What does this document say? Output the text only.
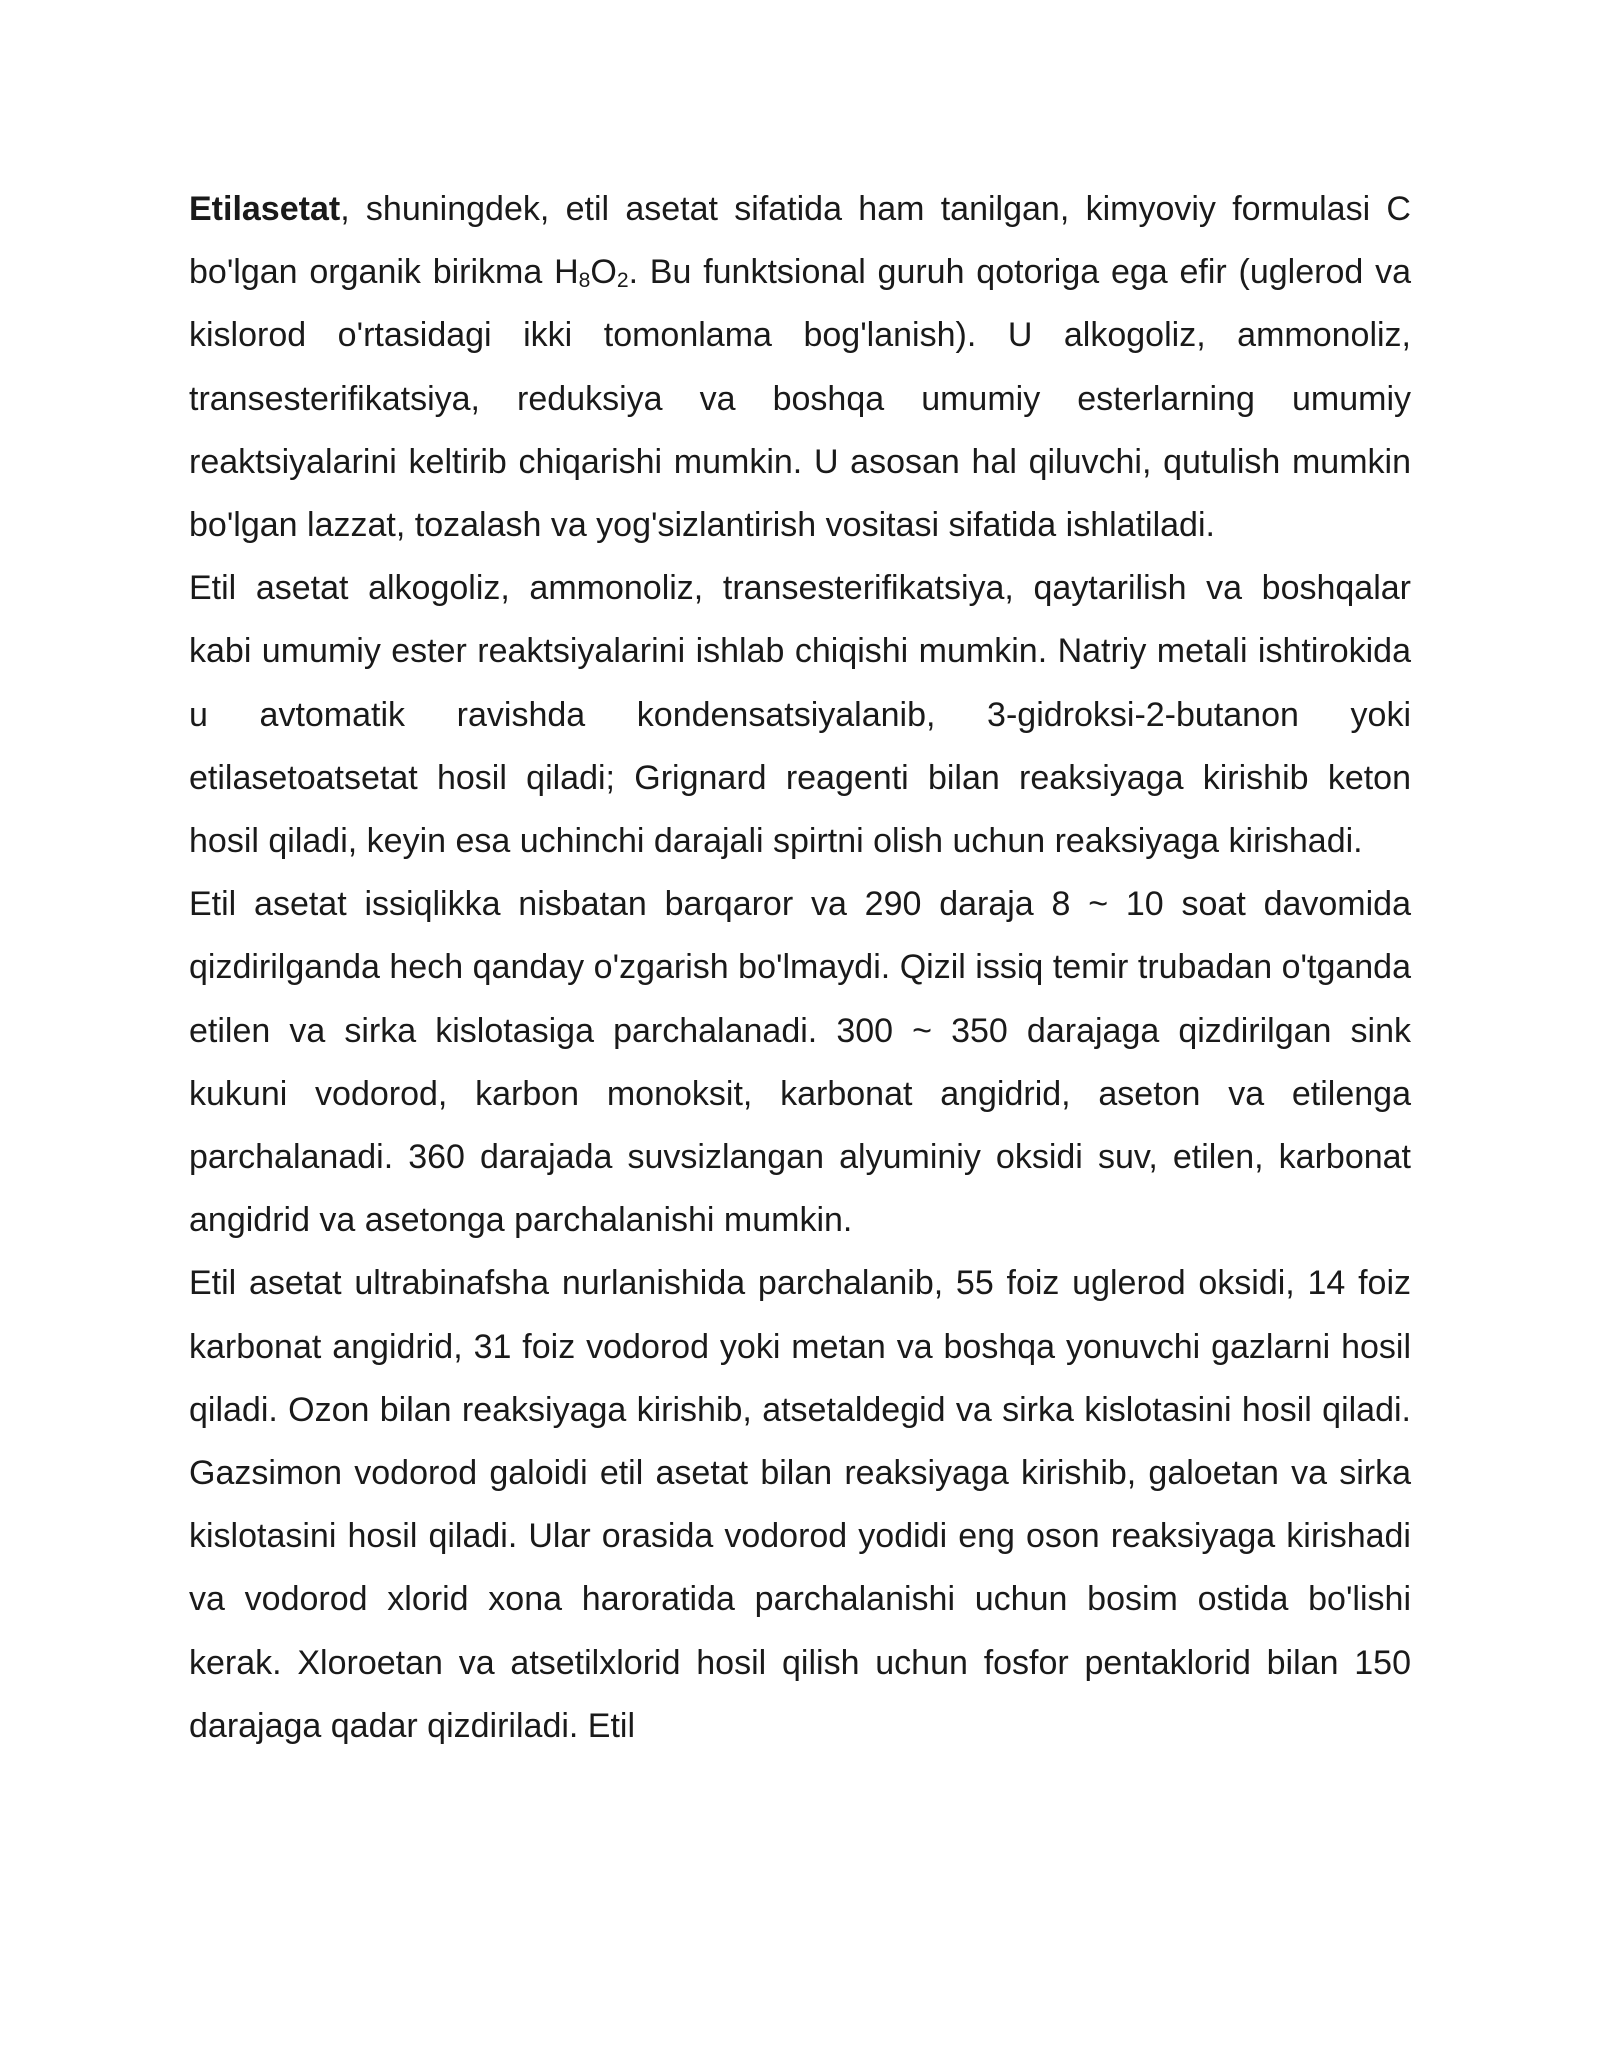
Etilasetat, shuningdek, etil asetat sifatida ham tanilgan, kimyoviy formulasi C bo'lgan organik birikma $H_8O_2$. Bu funktsional guruh qotoriga ega efir (uglerod va kislorod o'rtasidagi ikki tomonlama bog'lanish). U alkogoliz, ammonoliz, transesterifikatsiya, reduksiya va boshqa umumiy esterlarning umumiy reaktsiyalarini keltirib chiqarishi mumkin. U asosan hal qiluvchi, qutulish mumkin bo'lgan lazzat, tozalash va yog'sizlantirish vositasi sifatida ishlatiladi.

Etil asetat alkogoliz, ammonoliz, transesterifikatsiya, qaytarilish va boshqalar kabi umumiy ester reaktsiyalarini ishlab chiqishi mumkin. Natriy metali ishtirokida u avtomatik ravishda kondensatsiyalanib, 3-gidroksi-2-butanon yoki etilasetoatsetat hosil qiladi; Grignard reagenti bilan reaksiyaga kirishib keton hosil qiladi, keyin esa uchinchi darajali spirtni olish uchun reaksiyaga kirishadi.

Etil asetat issiqlikka nisbatan barqaror va 290 daraja 8 ~ 10 soat davomida qizdirilganda hech qanday o'zgarish bo'lmaydi. Qizil issiq temir trubadan o'tganda etilen va sirka kislotasiga parchalanadi. 300 ~ 350 darajaga qizdirilgan sink kukuni vodorod, karbon monoksit, karbonat angidrid, aseton va etilenga parchalanadi. 360 darajada suvsizlangan alyuminiy oksidi suv, etilen, karbonat angidrid va asetonga parchalanishi mumkin.

Etil asetat ultrabinafsha nurlanishida parchalanib, 55 foiz uglerod oksidi, 14 foiz karbonat angidrid, 31 foiz vodorod yoki metan va boshqa yonuvchi gazlarni hosil qiladi. Ozon bilan reaksiyaga kirishib, atsetaldegid va sirka kislotasini hosil qiladi. Gazsimon vodorod galoidi etil asetat bilan reaksiyaga kirishib, galoetan va sirka kislotasini hosil qiladi. Ular orasida vodorod yodidi eng oson reaksiyaga kirishadi va vodorod xlorid xona haroratida parchalanishi uchun bosim ostida bo'lishi kerak. Xloroetan va atsetilxlorid hosil qilish uchun fosfor pentaklorid bilan 150 darajaga qadar qizdiriladi. Etil
